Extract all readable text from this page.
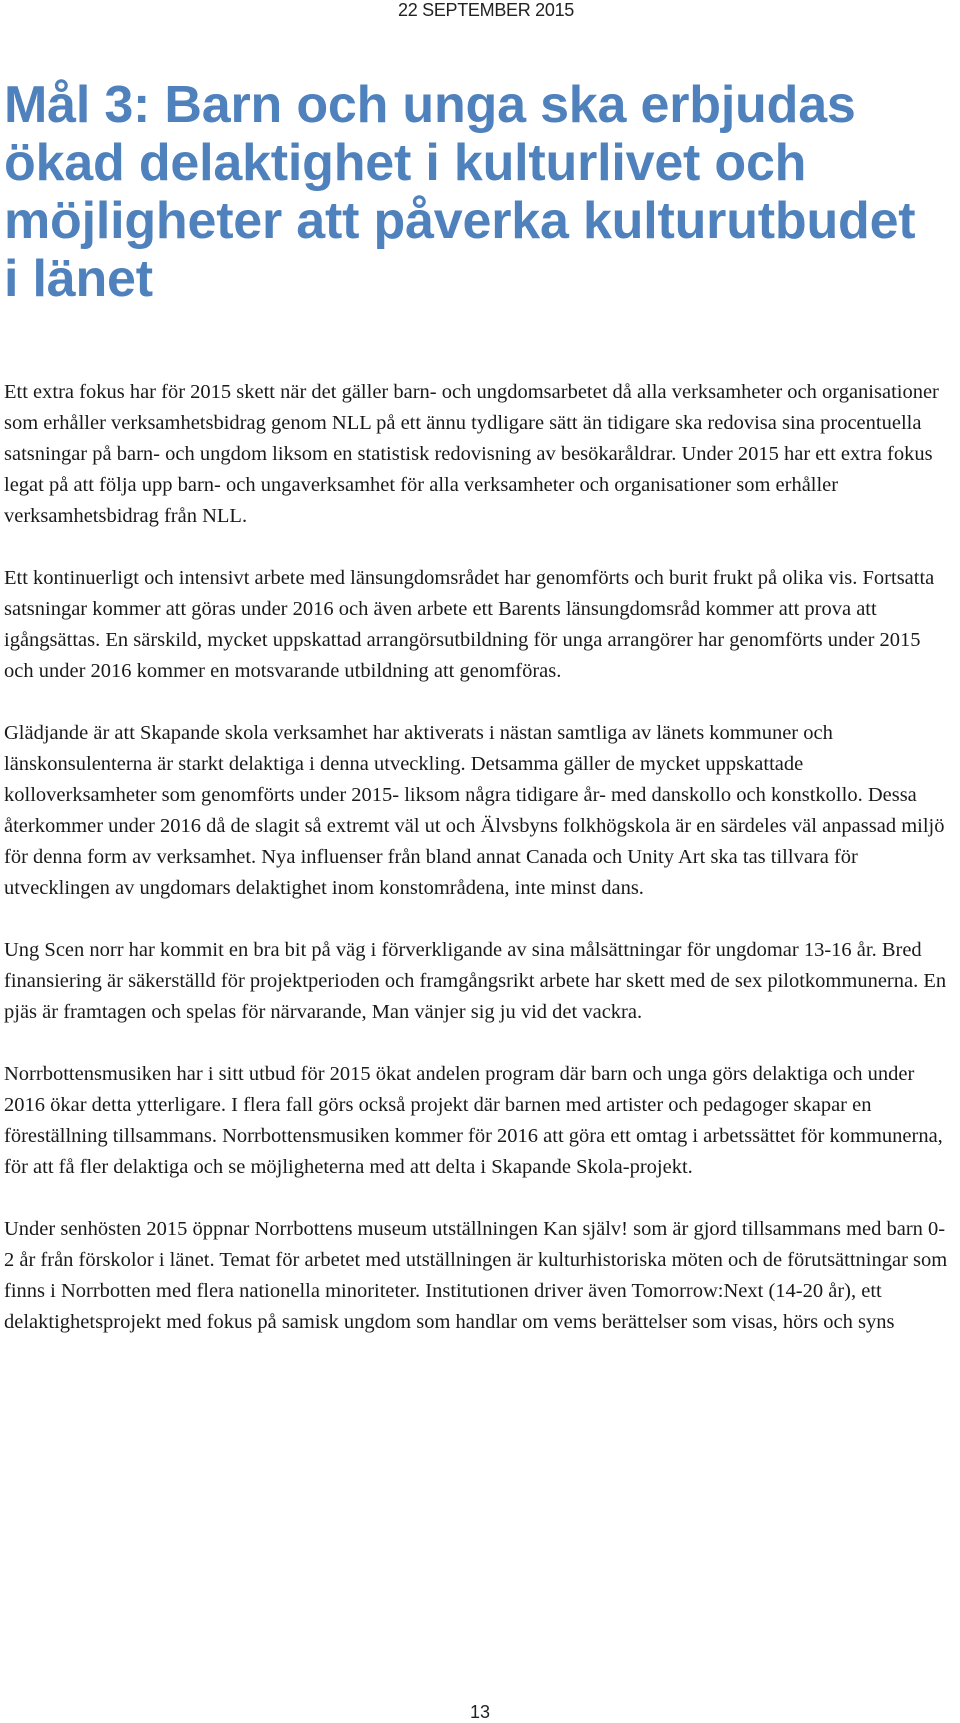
22 SEPTEMBER 2015
Mål 3: Barn och unga ska erbjudas ökad delaktighet i kulturlivet och möjligheter att påverka kulturutbudet i länet

Ett extra fokus har för 2015 skett när det gäller barn- och ungdomsarbetet då alla verksamheter och organisationer som erhåller verksamhetsbidrag genom NLL på ett ännu tydligare sätt än tidigare ska redovisa sina procentuella satsningar på barn- och ungdom liksom en statistisk redovisning av besökaråldrar. Under 2015 har ett extra fokus legat på att följa upp barn- och ungaverksamhet för alla verksamheter och organisationer som erhåller verksamhetsbidrag från NLL.

Ett kontinuerligt och intensivt arbete med länsungdomsrådet har genomförts och burit frukt på olika vis. Fortsatta satsningar kommer att göras under 2016 och även arbete ett Barents länsungdomsråd kommer att prova att igångsättas. En särskild, mycket uppskattad arrangörsutbildning för unga arrangörer har genomförts under 2015 och under 2016 kommer en motsvarande utbildning att genomföras.

Glädjande är att Skapande skola verksamhet har aktiverats i nästan samtliga av länets kommuner och länskonsulenterna är starkt delaktiga i denna utveckling. Detsamma gäller de mycket uppskattade kolloverksamheter som genomförts under 2015- liksom några tidigare år- med danskollo och konstkollo. Dessa återkommer under 2016 då de slagit så extremt väl ut och Älvsbyns folkhögskola är en särdeles väl anpassad miljö för denna form av verksamhet. Nya influenser från bland annat Canada och Unity Art ska tas tillvara för utvecklingen av ungdomars delaktighet inom konstområdena, inte minst dans.

Ung Scen norr har kommit en bra bit på väg i förverkligande av sina målsättningar för ungdomar 13-16 år. Bred finansiering är säkerställd för projektperioden och framgångsrikt arbete har skett med de sex pilotkommunerna. En pjäs är framtagen och spelas för närvarande, Man vänjer sig ju vid det vackra.

Norrbottensmusiken har i sitt utbud för 2015 ökat andelen program där barn och unga görs delaktiga och under 2016 ökar detta ytterligare. I flera fall görs också projekt där barnen med artister och pedagoger skapar en föreställning tillsammans. Norrbottensmusiken kommer för 2016 att göra ett omtag i arbetssättet för kommunerna, för att få fler delaktiga och se möjligheterna med att delta i Skapande Skola-projekt.

Under senhösten 2015 öppnar Norrbottens museum utställningen Kan själv! som är gjord tillsammans med barn 0-2 år från förskolor i länet. Temat för arbetet med utställningen är kulturhistoriska möten och de förutsättningar som finns i Norrbotten med flera nationella minoriteter. Institutionen driver även Tomorrow:Next (14-20 år), ett delaktighetsprojekt med fokus på samisk ungdom som handlar om vems berättelser som visas, hörs och syns

13
